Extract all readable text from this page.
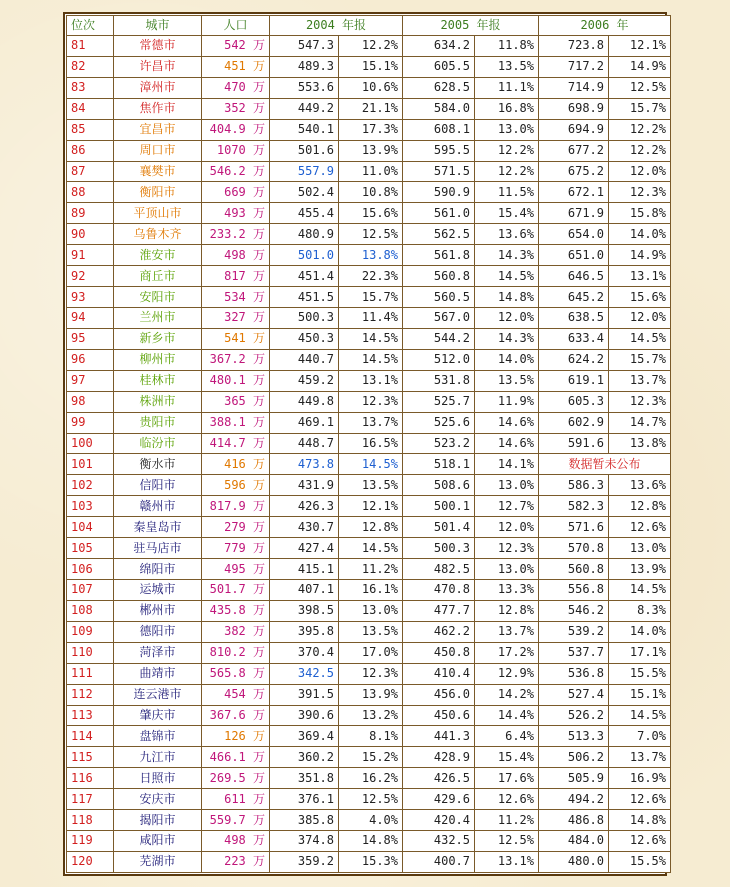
位次	城市	人口	2004 年报		2005 年报		2006 年	
81	常德市	542 万	547.3	12.2%	634.2	11.8%	723.8	12.1%
82	许昌市	451 万	489.3	15.1%	605.5	13.5%	717.2	14.9%
83	漳州市	470 万	553.6	10.6%	628.5	11.1%	714.9	12.5%
84	焦作市	352 万	449.2	21.1%	584.0	16.8%	698.9	15.7%
85	宜昌市	404.9 万	540.1	17.3%	608.1	13.0%	694.9	12.2%
86	周口市	1070 万	501.6	13.9%	595.5	12.2%	677.2	12.2%
87	襄樊市	546.2 万	557.9	11.0%	571.5	12.2%	675.2	12.0%
88	衡阳市	669 万	502.4	10.8%	590.9	11.5%	672.1	12.3%
89	平顶山市	493 万	455.4	15.6%	561.0	15.4%	671.9	15.8%
90	乌鲁木齐	233.2 万	480.9	12.5%	562.5	13.6%	654.0	14.0%
91	淮安市	498 万	501.0	13.8%	561.8	14.3%	651.0	14.9%
92	商丘市	817 万	451.4	22.3%	560.8	14.5%	646.5	13.1%
93	安阳市	534 万	451.5	15.7%	560.5	14.8%	645.2	15.6%
94	兰州市	327 万	500.3	11.4%	567.0	12.0%	638.5	12.0%
95	新乡市	541 万	450.3	14.5%	544.2	14.3%	633.4	14.5%
96	柳州市	367.2 万	440.7	14.5%	512.0	14.0%	624.2	15.7%
97	桂林市	480.1 万	459.2	13.1%	531.8	13.5%	619.1	13.7%
98	株洲市	365 万	449.8	12.3%	525.7	11.9%	605.3	12.3%
99	贵阳市	388.1 万	469.1	13.7%	525.6	14.6%	602.9	14.7%
100	临汾市	414.7 万	448.7	16.5%	523.2	14.6%	591.6	13.8%
101	衡水市	416 万	473.8	14.5%	518.1	14.1%	数据暂未公布	
102	信阳市	596 万	431.9	13.5%	508.6	13.0%	586.3	13.6%
103	赣州市	817.9 万	426.3	12.1%	500.1	12.7%	582.3	12.8%
104	秦皇岛市	279 万	430.7	12.8%	501.4	12.0%	571.6	12.6%
105	驻马店市	779 万	427.4	14.5%	500.3	12.3%	570.8	13.0%
106	绵阳市	495 万	415.1	11.2%	482.5	13.0%	560.8	13.9%
107	运城市	501.7 万	407.1	16.1%	470.8	13.3%	556.8	14.5%
108	郴州市	435.8 万	398.5	13.0%	477.7	12.8%	546.2	8.3%
109	德阳市	382 万	395.8	13.5%	462.2	13.7%	539.2	14.0%
110	菏泽市	810.2 万	370.4	17.0%	450.8	17.2%	537.7	17.1%
111	曲靖市	565.8 万	342.5	12.3%	410.4	12.9%	536.8	15.5%
112	连云港市	454 万	391.5	13.9%	456.0	14.2%	527.4	15.1%
113	肇庆市	367.6 万	390.6	13.2%	450.6	14.4%	526.2	14.5%
114	盘锦市	126 万	369.4	8.1%	441.3	6.4%	513.3	7.0%
115	九江市	466.1 万	360.2	15.2%	428.9	15.4%	506.2	13.7%
116	日照市	269.5 万	351.8	16.2%	426.5	17.6%	505.9	16.9%
117	安庆市	611 万	376.1	12.5%	429.6	12.6%	494.2	12.6%
118	揭阳市	559.7 万	385.8	4.0%	420.4	11.2%	486.8	14.8%
119	咸阳市	498 万	374.8	14.8%	432.5	12.5%	484.0	12.6%
120	芜湖市	223 万	359.2	15.3%	400.7	13.1%	480.0	15.5%
